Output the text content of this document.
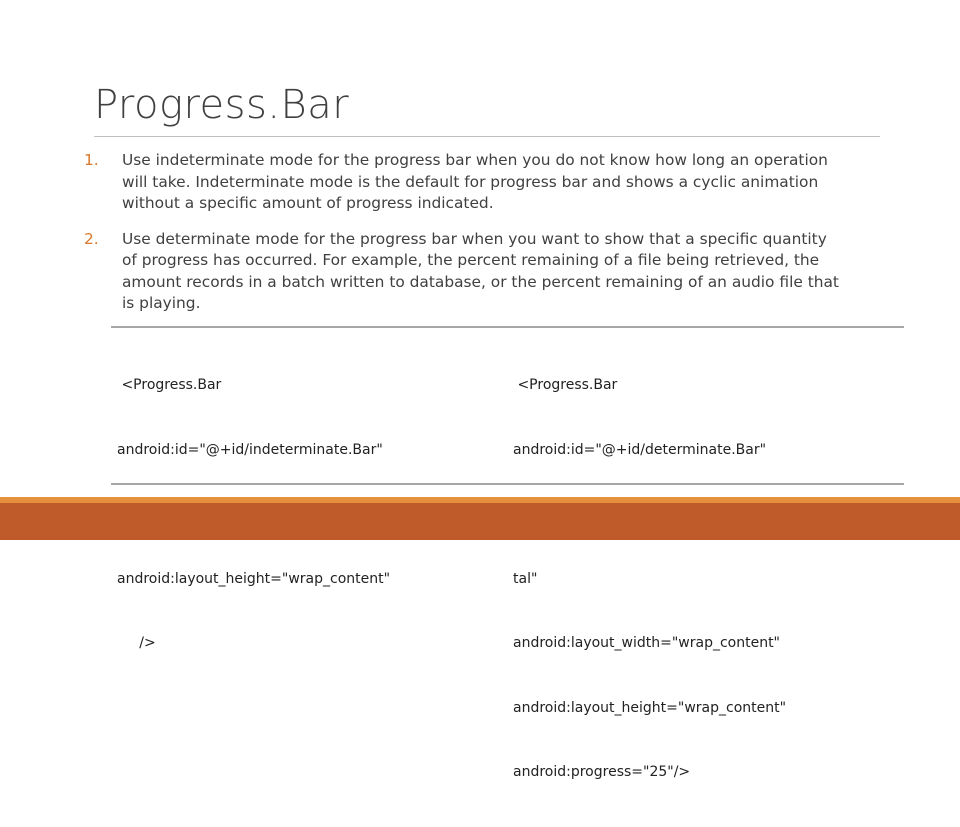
Progress.Bar
1. Use indeterminate mode for the progress bar when you do not know how long an operation
will take. Indeterminate mode is the default for progress bar and shows a cyclic animation
without a specific amount of progress indicated.
2. Use determinate mode for the progress bar when you want to show that a specific quantity
of progress has occurred. For example, the percent remaining of a file being retrieved, the
amount records in a batch written to database, or the percent remaining of an audio file that
is playing.

<Progress.Bar

android:id="@+id/indeterminate.Bar"

android:layout_height="wrap_content"

/>

<Progress.Bar

android:id="@+id/determinate.Bar"

tal"

android:layout_width="wrap_content"

android:layout_height="wrap_content"

android:progress="25"/>
